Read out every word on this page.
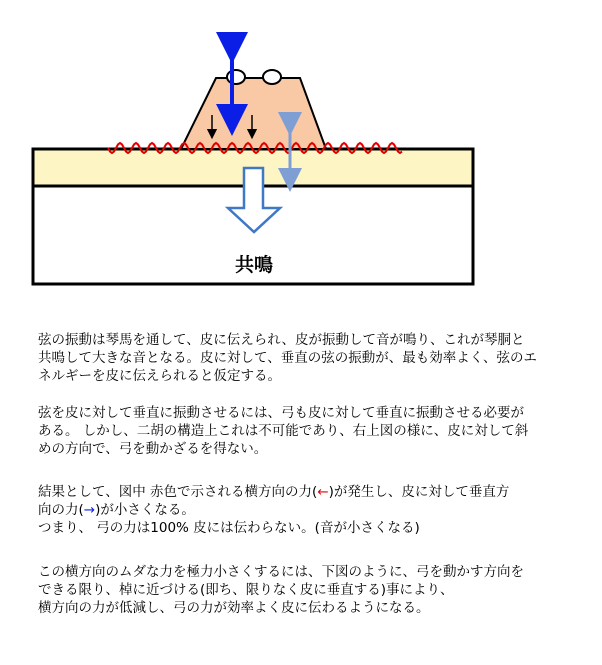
共鳴
弦の振動は琴馬を通して、皮に伝えられ、皮が振動して音が鳴り、これが琴胴と
共鳴して大きな音となる。皮に対して、垂直の弦の振動が、最も効率よく、弦のエ
ネルギーを皮に伝えられると仮定する。
弦を皮に対して垂直に振動させるには、弓も皮に対して垂直に振動させる必要が
ある。 しかし、二胡の構造上これは不可能であり、右上図の様に、皮に対して斜
めの方向で、弓を動かざるを得ない。
結果として、図中 赤色で示される横方向の力(←)が発生し、皮に対して垂直方
向の力(→)が小さくなる。
つまり、 弓の力は100% 皮には伝わらない。(音が小さくなる)
この横方向のムダな力を極力小さくするには、下図のように、弓を動かす方向を
できる限り、棹に近づける(即ち、限りなく皮に垂直する)事により、
横方向の力が低減し、弓の力が効率よく皮に伝わるようになる。
